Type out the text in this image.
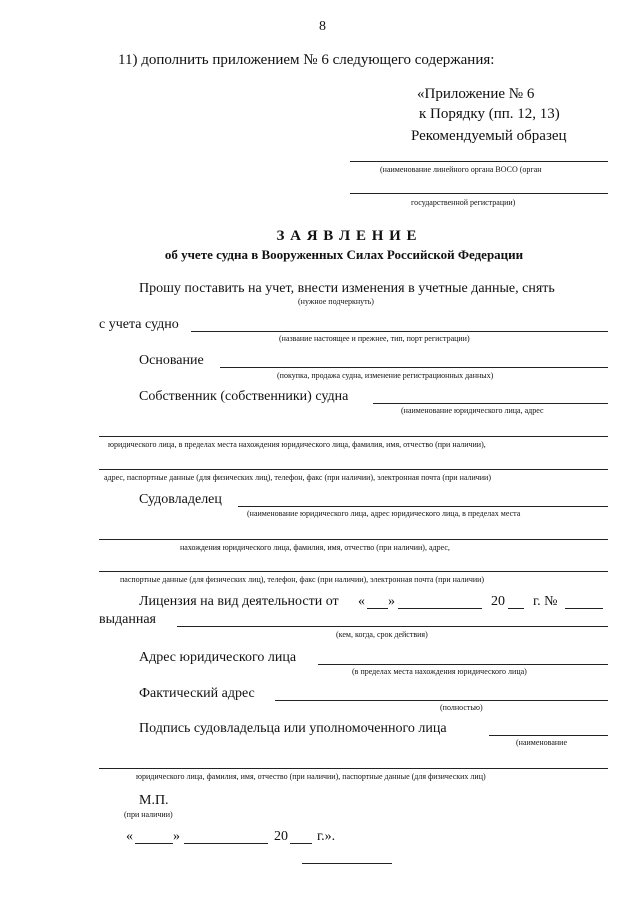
8
11) дополнить приложением № 6 следующего содержания:
«Приложение № 6
к Порядку (пп. 12, 13)
Рекомендуемый образец
(наименование линейного органа ВОСО (орган
государственной регистрации)
З А Я В Л Е Н И Е
об учете судна в Вооруженных Силах Российской Федерации
Прошу поставить на учет, внести изменения в учетные данные, снять
(нужное подчеркнуть)
с учета судно
(название настоящее и прежнее, тип, порт регистрации)
Основание
(покупка, продажа судна, изменение регистрационных данных)
Собственник (собственники) судна
(наименование юридического лица, адрес
юридического лица, в пределах места нахождения юридического лица, фамилия, имя, отчество (при наличии),
адрес, паспортные данные (для физических лиц), телефон, факс (при наличии), электронная почта (при наличии)
Судовладелец
(наименование юридического лица, адрес юридического лица, в пределах места
нахождения юридического лица, фамилия, имя, отчество (при наличии), адрес,
паспортные данные (для физических лиц), телефон, факс (при наличии), электронная почта (при наличии)
Лицензия на вид деятельности от « »	20 г. №
выданная
(кем, когда, срок действия)
Адрес юридического лица
(в пределах места нахождения юридического лица)
Фактический адрес
(полностью)
Подпись судовладельца или уполномоченного лица
(наименование
юридического лица, фамилия, имя, отчество (при наличии), паспортные данные (для физических лиц)
М.П.
(при наличии)
«	»	20 г.».
